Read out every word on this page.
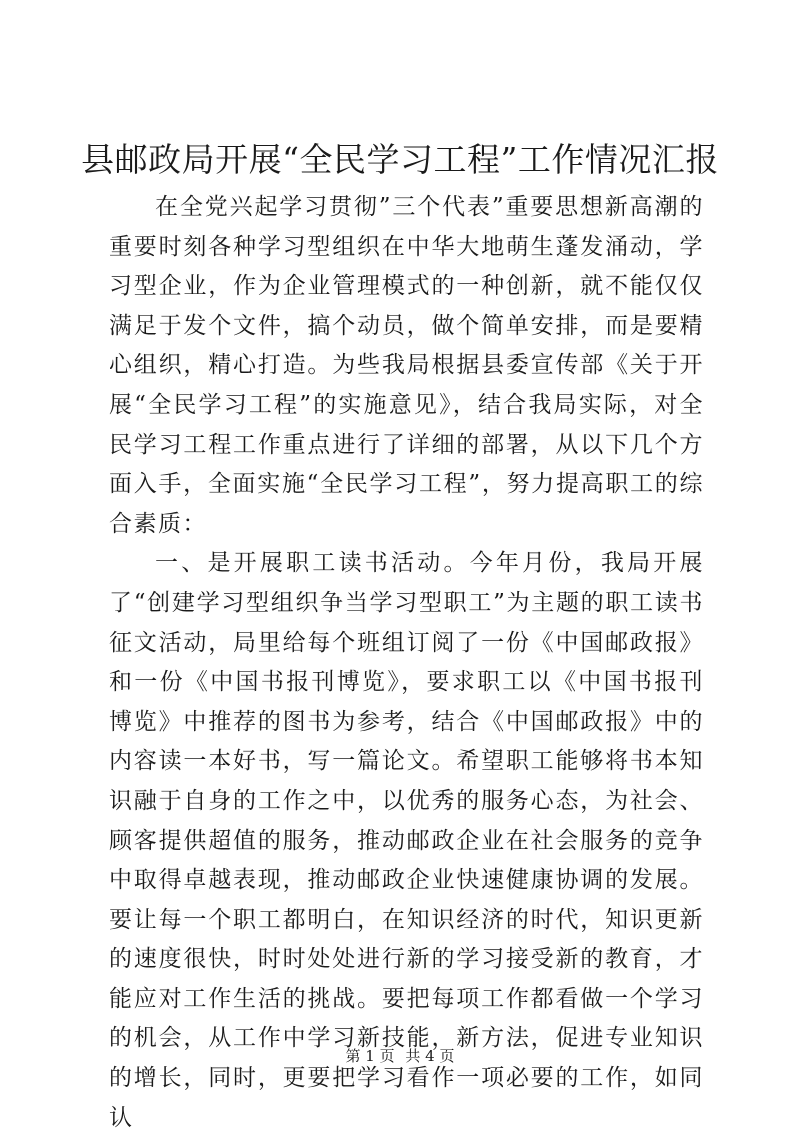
县邮政局开展“全民学习工程”工作情况汇报

在全党兴起学习贯彻”三个代表”重要思想新高潮的重要时刻各种学习型组织在中华大地萌生蓬发涌动，学习型企业，作为企业管理模式的一种创新，就不能仅仅满足于发个文件，搞个动员，做个简单安排，而是要精心组织，精心打造。为些我局根据县委宣传部《关于开展“全民学习工程”的实施意见》，结合我局实际，对全民学习工程工作重点进行了详细的部署，从以下几个方面入手，全面实施“全民学习工程”，努力提高职工的综合素质：

一、是开展职工读书活动。今年月份，我局开展了“创建学习型组织争当学习型职工”为主题的职工读书征文活动，局里给每个班组订阅了一份《中国邮政报》和一份《中国书报刊博览》，要求职工以《中国书报刊博览》中推荐的图书为参考，结合《中国邮政报》中的内容读一本好书，写一篇论文。希望职工能够将书本知识融于自身的工作之中，以优秀的服务心态，为社会、顾客提供超值的服务，推动邮政企业在社会服务的竞争中取得卓越表现，推动邮政企业快速健康协调的发展。要让每一个职工都明白，在知识经济的时代，知识更新的速度很快，时时处处进行新的学习接受新的教育，才能应对工作生活的挑战。要把每项工作都看做一个学习的机会，从工作中学习新技能，新方法，促进专业知识的增长，同时，更要把学习看作一项必要的工作，如同认

第 1 页 共 4 页
